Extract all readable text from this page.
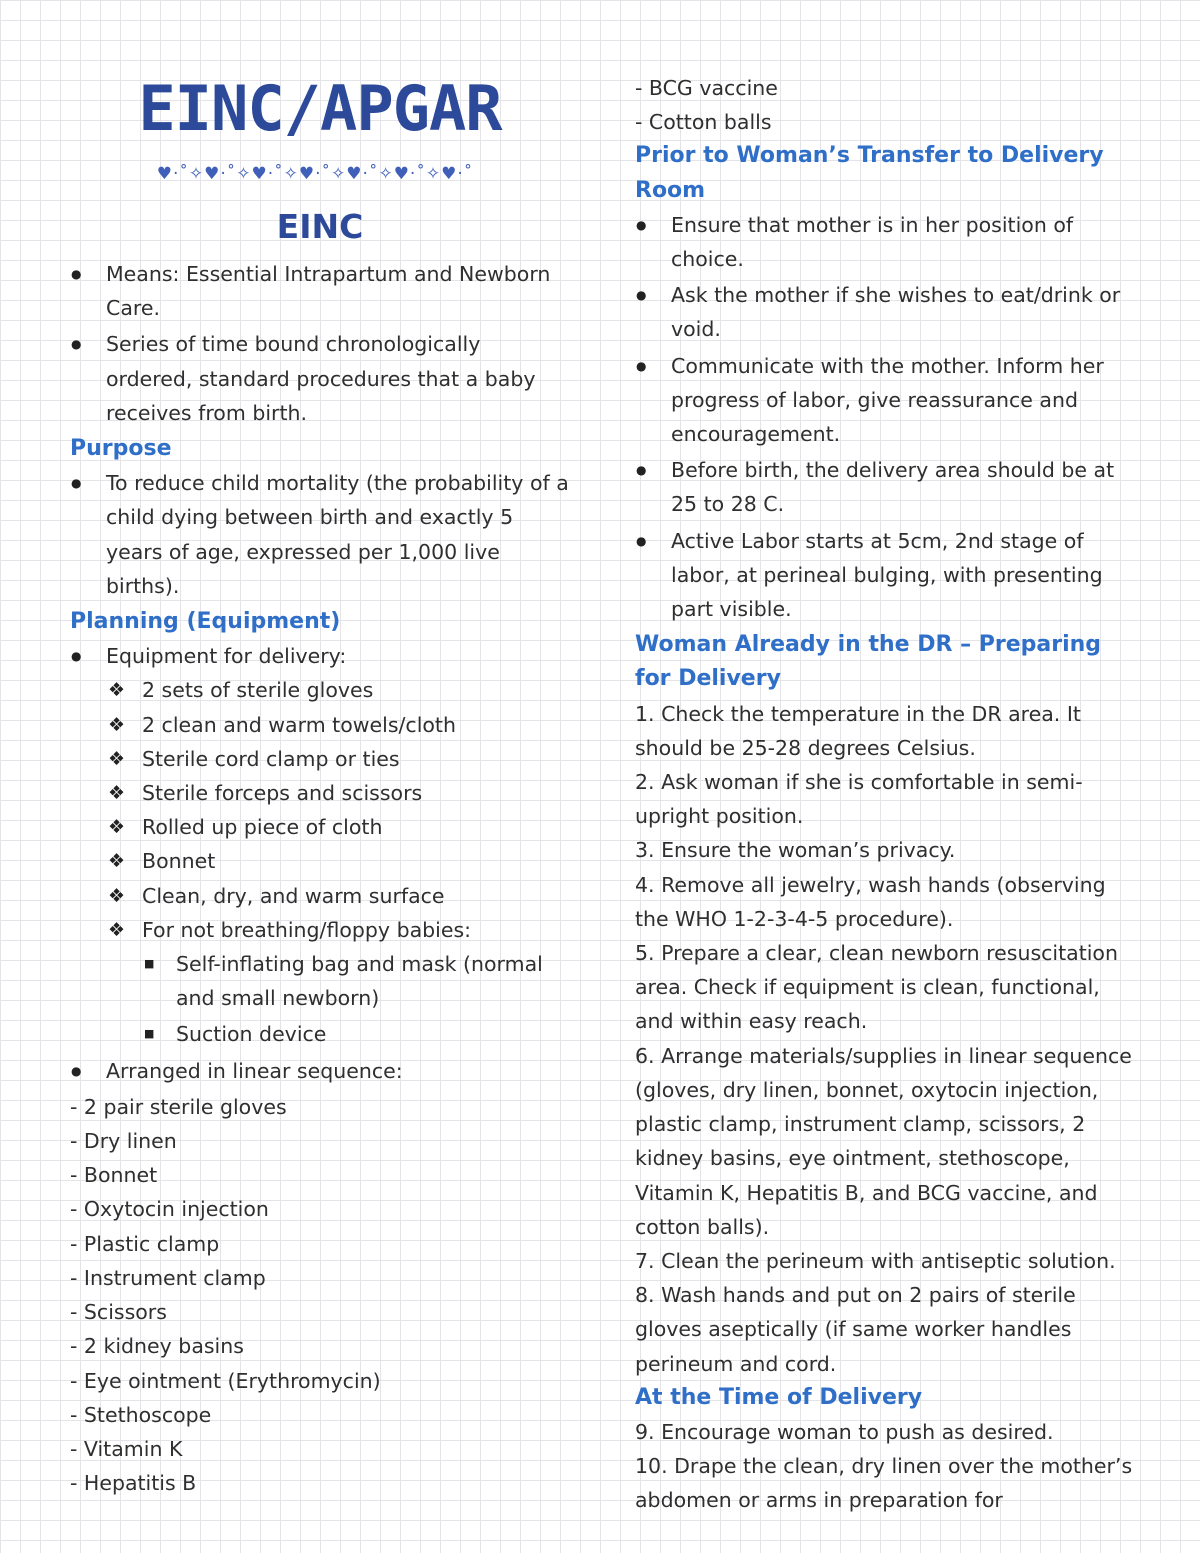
EINC/APGAR
♥·˚✧♥·˚✧♥·˚✧♥·˚✧♥·˚✧♥·˚✧♥·˚
EINC
● Means: Essential Intrapartum and Newborn Care.
● Series of time bound chronologically ordered, standard procedures that a baby receives from birth.
Purpose
● To reduce child mortality (the probability of a child dying between birth and exactly 5 years of age, expressed per 1,000 live births).
Planning (Equipment)
● Equipment for delivery:
❖ 2 sets of sterile gloves
❖ 2 clean and warm towels/cloth
❖ Sterile cord clamp or ties
❖ Sterile forceps and scissors
❖ Rolled up piece of cloth
❖ Bonnet
❖ Clean, dry, and warm surface
❖ For not breathing/floppy babies:
■ Self-inflating bag and mask (normal and small newborn)
■ Suction device
● Arranged in linear sequence:

- 2 pair sterile gloves

- Dry linen

- Bonnet

- Oxytocin injection

- Plastic clamp

- Instrument clamp

- Scissors

- 2 kidney basins

- Eye ointment (Erythromycin)

- Stethoscope

- Vitamin K

- Hepatitis B

- BCG vaccine

- Cotton balls

Prior to Woman’s Transfer to Delivery Room
● Ensure that mother is in her position of choice.
● Ask the mother if she wishes to eat/drink or void.
● Communicate with the mother. Inform her progress of labor, give reassurance and encouragement.
● Before birth, the delivery area should be at 25 to 28 C.
● Active Labor starts at 5cm, 2nd stage of labor, at perineal bulging, with presenting part visible.
Woman Already in the DR – Preparing for Delivery

1. Check the temperature in the DR area. It should be 25-28 degrees Celsius.

2. Ask woman if she is comfortable in semi-upright position.

3. Ensure the woman’s privacy.

4. Remove all jewelry, wash hands (observing the WHO 1-2-3-4-5 procedure).

5. Prepare a clear, clean newborn resuscitation area. Check if equipment is clean, functional, and within easy reach.

6. Arrange materials/supplies in linear sequence (gloves, dry linen, bonnet, oxytocin injection, plastic clamp, instrument clamp, scissors, 2 kidney basins, eye ointment, stethoscope, Vitamin K, Hepatitis B, and BCG vaccine, and cotton balls).

7. Clean the perineum with antiseptic solution.

8. Wash hands and put on 2 pairs of sterile gloves aseptically (if same worker handles perineum and cord.

At the Time of Delivery

9. Encourage woman to push as desired.

10. Drape the clean, dry linen over the mother’s abdomen or arms in preparation for
